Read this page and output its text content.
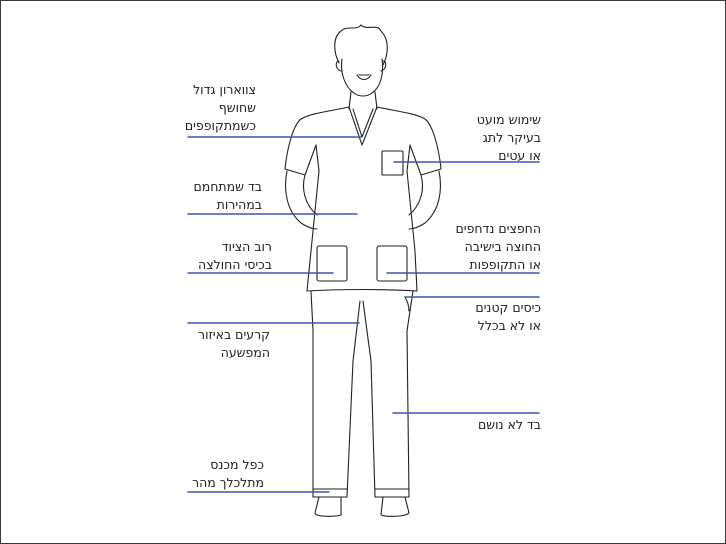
צווארון גדול
שחושף
כשמתקופפים
בד שמתחמם
במהירות
רוב הציוד
בכיסי החולצה
קרעים באיזור
המפשעה
כפל מכנס
מתלכלך מהר
שימוש מועט
בעיקר לתג
או עטים
החפצים נדחפים
החוצה בישיבה
או התקופפות
כיסים קטנים
או לא בכלל
בד לא נושם
